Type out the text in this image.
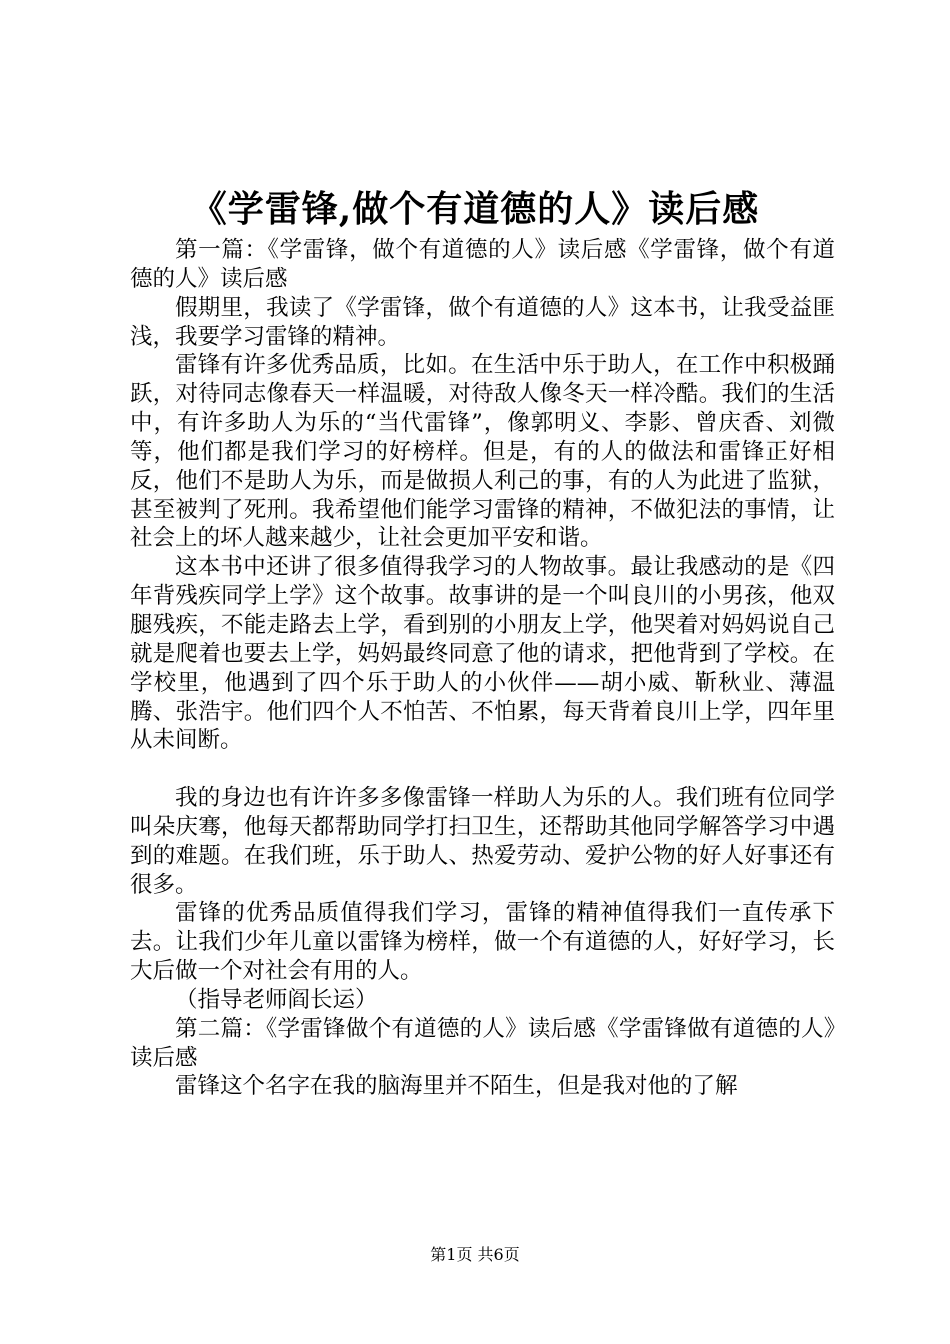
《学雷锋,做个有道德的人》读后感

第一篇：《学雷锋，做个有道德的人》读后感《学雷锋，做个有道德的人》读后感

假期里，我读了《学雷锋，做个有道德的人》这本书，让我受益匪浅，我要学习雷锋的精神。

雷锋有许多优秀品质，比如。在生活中乐于助人，在工作中积极踊跃，对待同志像春天一样温暖，对待敌人像冬天一样冷酷。我们的生活中，有许多助人为乐的“当代雷锋”，像郭明义、李影、曾庆香、刘微等，他们都是我们学习的好榜样。但是，有的人的做法和雷锋正好相反，他们不是助人为乐，而是做损人利己的事，有的人为此进了监狱，甚至被判了死刑。我希望他们能学习雷锋的精神，不做犯法的事情，让社会上的坏人越来越少，让社会更加平安和谐。

这本书中还讲了很多值得我学习的人物故事。最让我感动的是《四年背残疾同学上学》这个故事。故事讲的是一个叫良川的小男孩，他双腿残疾，不能走路去上学，看到别的小朋友上学，他哭着对妈妈说自己就是爬着也要去上学，妈妈最终同意了他的请求，把他背到了学校。在学校里，他遇到了四个乐于助人的小伙伴——胡小威、靳秋业、薄温腾、张浩宇。他们四个人不怕苦、不怕累，每天背着良川上学，四年里从未间断。

我的身边也有许许多多像雷锋一样助人为乐的人。我们班有位同学叫朵庆骞，他每天都帮助同学打扫卫生，还帮助其他同学解答学习中遇到的难题。在我们班，乐于助人、热爱劳动、爱护公物的好人好事还有很多。

雷锋的优秀品质值得我们学习，雷锋的精神值得我们一直传承下去。让我们少年儿童以雷锋为榜样，做一个有道德的人，好好学习，长大后做一个对社会有用的人。

（指导老师阎长运）

第二篇：《学雷锋做个有道德的人》读后感《学雷锋做有道德的人》读后感

雷锋这个名字在我的脑海里并不陌生，但是我对他的了解

第1页 共6页
